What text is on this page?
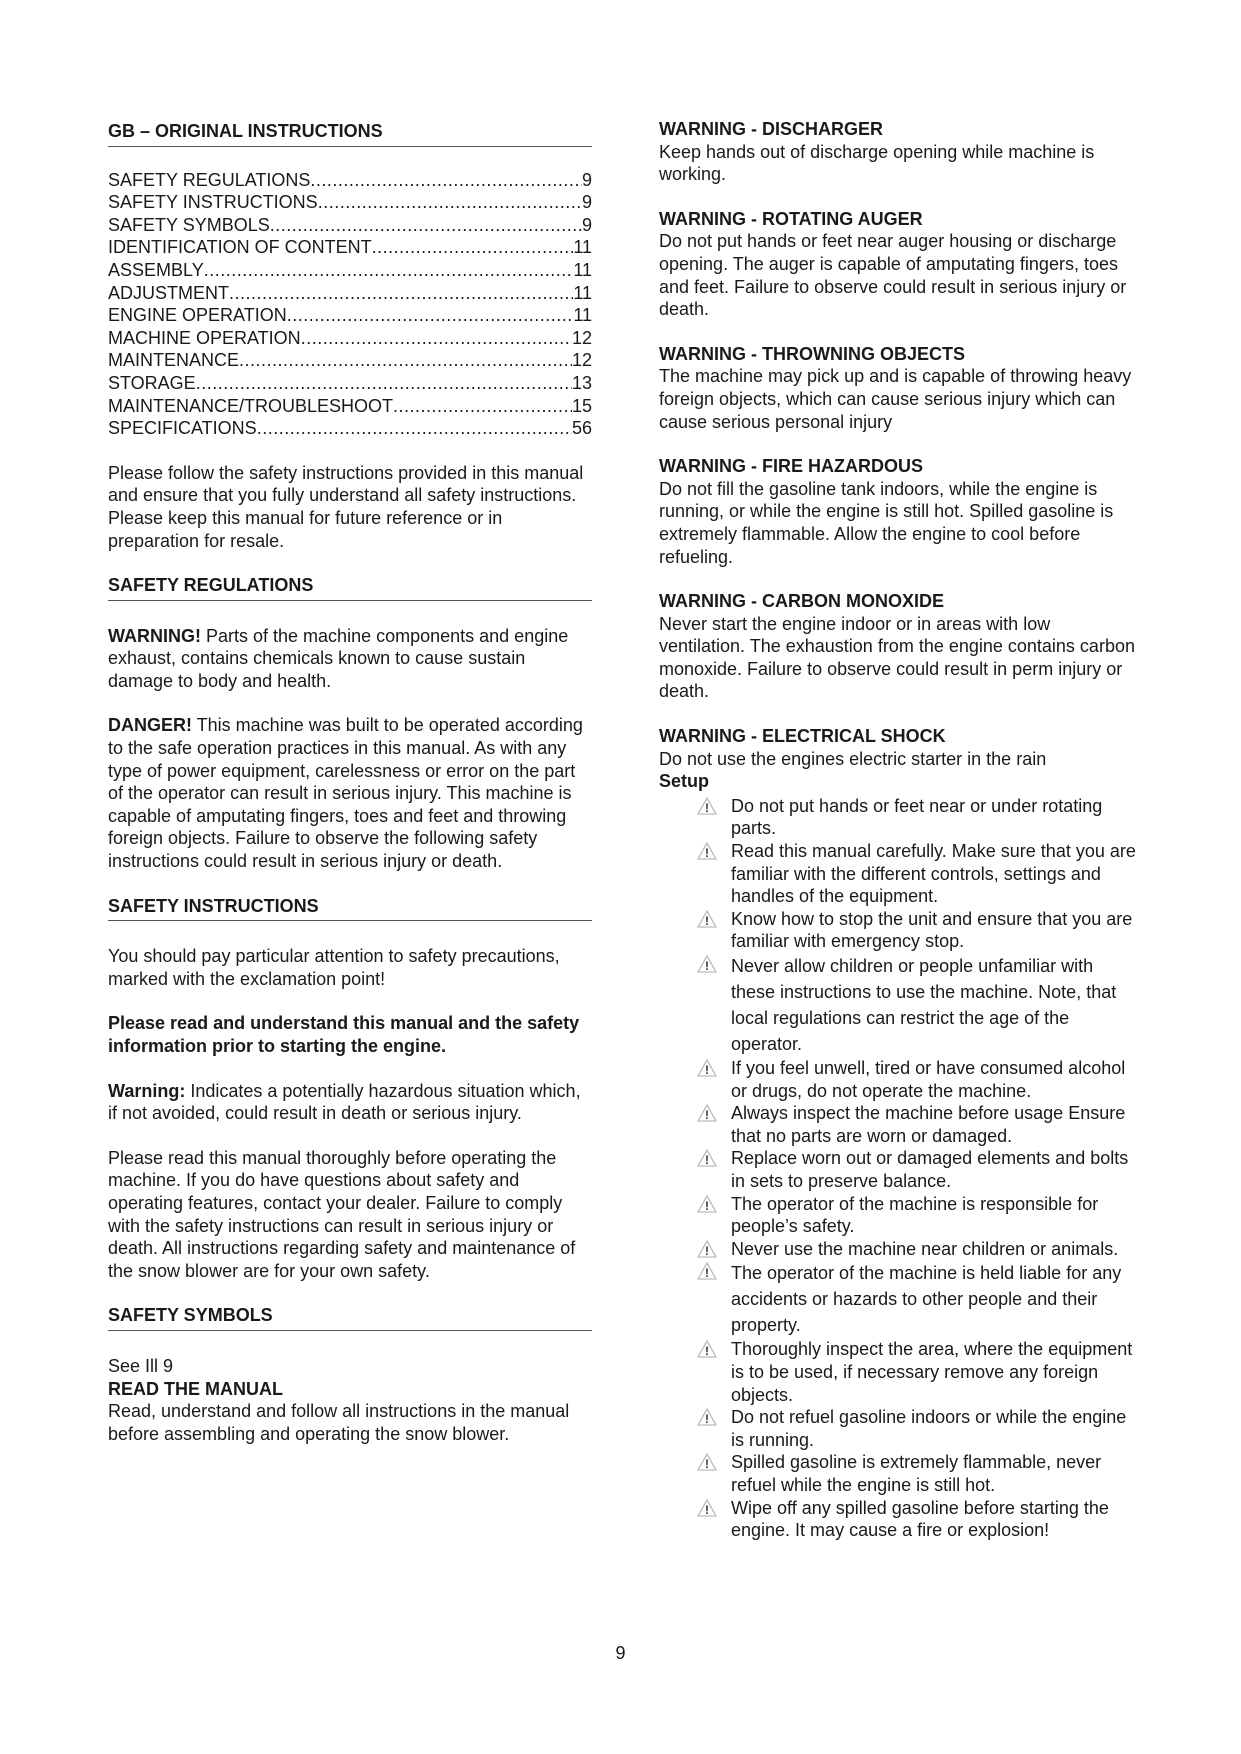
GB – ORIGINAL INSTRUCTIONS
SAFETY REGULATIONS .....	9
SAFETY INSTRUCTIONS .....	9
SAFETY SYMBOLS .....	9
IDENTIFICATION OF CONTENT .....	11
ASSEMBLY .....	11
ADJUSTMENT .....	11
ENGINE OPERATION .....	11
MACHINE OPERATION .....	12
MAINTENANCE .....	12
STORAGE .....	13
MAINTENANCE/TROUBLESHOOT .....	15
SPECIFICATIONS .....	56

Please follow the safety instructions provided in this manual and ensure that you fully understand all safety instructions. Please keep this manual for future reference or in preparation for resale.

SAFETY REGULATIONS

WARNING! Parts of the machine components and engine exhaust, contains chemicals known to cause sustain damage to body and health.

DANGER! This machine was built to be operated according to the safe operation practices in this manual. As with any type of power equipment, carelessness or error on the part of the operator can result in serious injury. This machine is capable of amputating fingers, toes and feet and throwing foreign objects. Failure to observe the following safety instructions could result in serious injury or death.

SAFETY INSTRUCTIONS

You should pay particular attention to safety precautions, marked with the exclamation point!

Please read and understand this manual and the safety information prior to starting the engine.

Warning: Indicates a potentially hazardous situation which, if not avoided, could result in death or serious injury.

Please read this manual thoroughly before operating the machine. If you do have questions about safety and operating features, contact your dealer. Failure to comply with the safety instructions can result in serious injury or death. All instructions regarding safety and maintenance of the snow blower are for your own safety.

SAFETY SYMBOLS

See Ill 9

READ THE MANUAL

Read, understand and follow all instructions in the manual before assembling and operating the snow blower.

WARNING - DISCHARGER

Keep hands out of discharge opening while machine is working.

WARNING - ROTATING AUGER

Do not put hands or feet near auger housing or discharge opening. The auger is capable of amputating fingers, toes and feet. Failure to observe could result in serious injury or death.

WARNING - THROWNING OBJECTS

The machine may pick up and is capable of throwing heavy foreign objects, which can cause serious injury which can cause serious personal injury

WARNING - FIRE HAZARDOUS

Do not fill the gasoline tank indoors, while the engine is running, or while the engine is still hot. Spilled gasoline is extremely flammable. Allow the engine to cool before refueling.

WARNING - CARBON MONOXIDE

Never start the engine indoor or in areas with low ventilation. The exhaustion from the engine contains carbon monoxide. Failure to observe could result in perm injury or death.

WARNING - ELECTRICAL SHOCK

Do not use the engines electric starter in the rain

Setup

! Do not put hands or feet near or under rotating parts.
! Read this manual carefully. Make sure that you are familiar with the different controls, settings and handles of the equipment.
! Know how to stop the unit and ensure that you are familiar with emergency stop.
! Never allow children or people unfamiliar with these instructions to use the machine. Note, that local regulations can restrict the age of the operator.
! If you feel unwell, tired or have consumed alcohol or drugs, do not operate the machine.
! Always inspect the machine before usage Ensure that no parts are worn or damaged.
! Replace worn out or damaged elements and bolts in sets to preserve balance.
! The operator of the machine is responsible for people’s safety.
! Never use the machine near children or animals.
! The operator of the machine is held liable for any accidents or hazards to other people and their property.
! Thoroughly inspect the area, where the equipment is to be used, if necessary remove any foreign objects.
! Do not refuel gasoline indoors or while the engine is running.
! Spilled gasoline is extremely flammable, never refuel while the engine is still hot.
! Wipe off any spilled gasoline before starting the engine. It may cause a fire or explosion!
9
